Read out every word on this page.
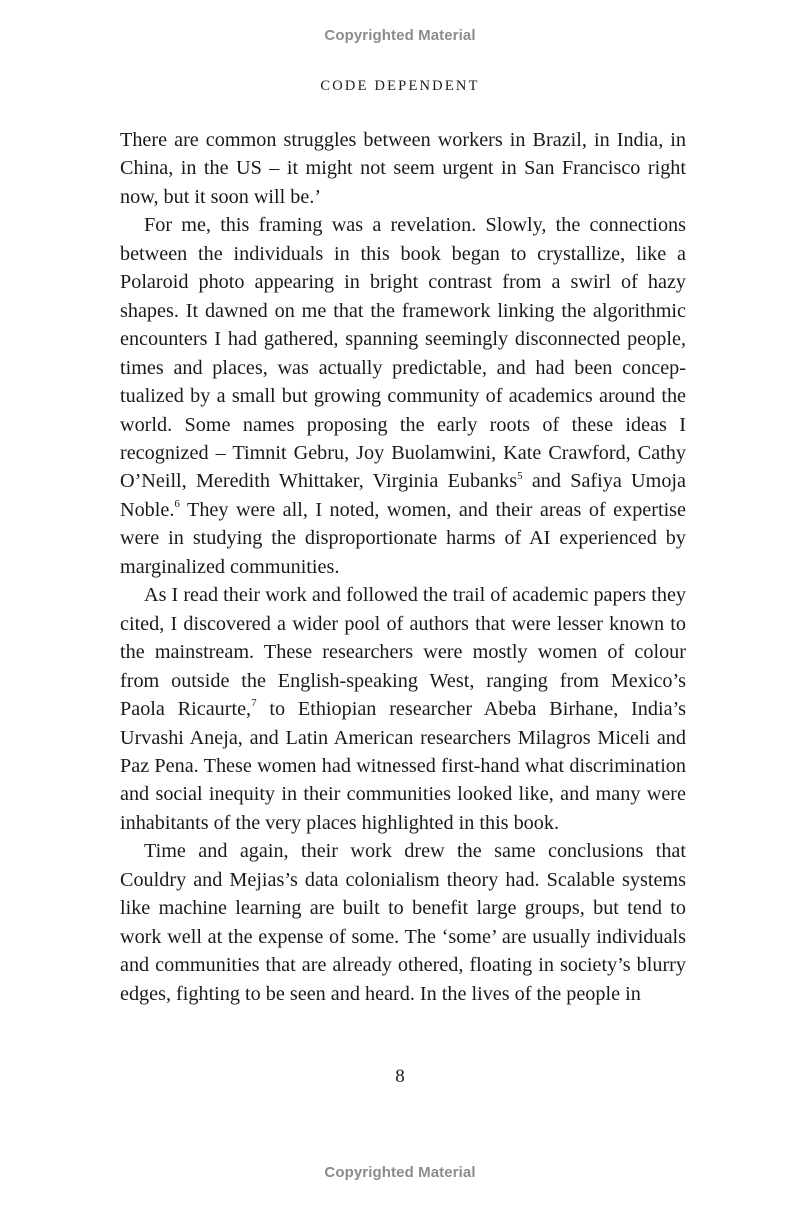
Copyrighted Material
CODE DEPENDENT

There are common struggles between workers in Brazil, in India, in China, in the US – it might not seem urgent in San Francisco right now, but it soon will be.’

For me, this framing was a revelation. Slowly, the connections between the individuals in this book began to crystallize, like a Polaroid photo appearing in bright contrast from a swirl of hazy shapes. It dawned on me that the framework linking the algorithmic encounters I had gathered, spanning seemingly disconnected people, times and places, was actually predictable, and had been conceptualized by a small but growing community of academics around the world. Some names proposing the early roots of these ideas I recognized – Timnit Gebru, Joy Buolamwini, Kate Crawford, Cathy O’Neill, Meredith Whittaker, Virginia Eubanks$^5$ and Safiya Umoja Noble.$^6$ They were all, I noted, women, and their areas of expertise were in studying the disproportionate harms of AI experienced by marginalized communities.

As I read their work and followed the trail of academic papers they cited, I discovered a wider pool of authors that were lesser known to the mainstream. These researchers were mostly women of colour from outside the English-speaking West, ranging from Mexico’s Paola Ricaurte,$^7$ to Ethiopian researcher Abeba Birhane, India’s Urvashi Aneja, and Latin American researchers Milagros Miceli and Paz Pena. These women had witnessed first-hand what discrimination and social inequity in their communities looked like, and many were inhabitants of the very places highlighted in this book.

Time and again, their work drew the same conclusions that Couldry and Mejias’s data colonialism theory had. Scalable systems like machine learning are built to benefit large groups, but tend to work well at the expense of some. The ‘some’ are usually individuals and communities that are already othered, floating in society’s blurry edges, fighting to be seen and heard. In the lives of the people in

8
Copyrighted Material
